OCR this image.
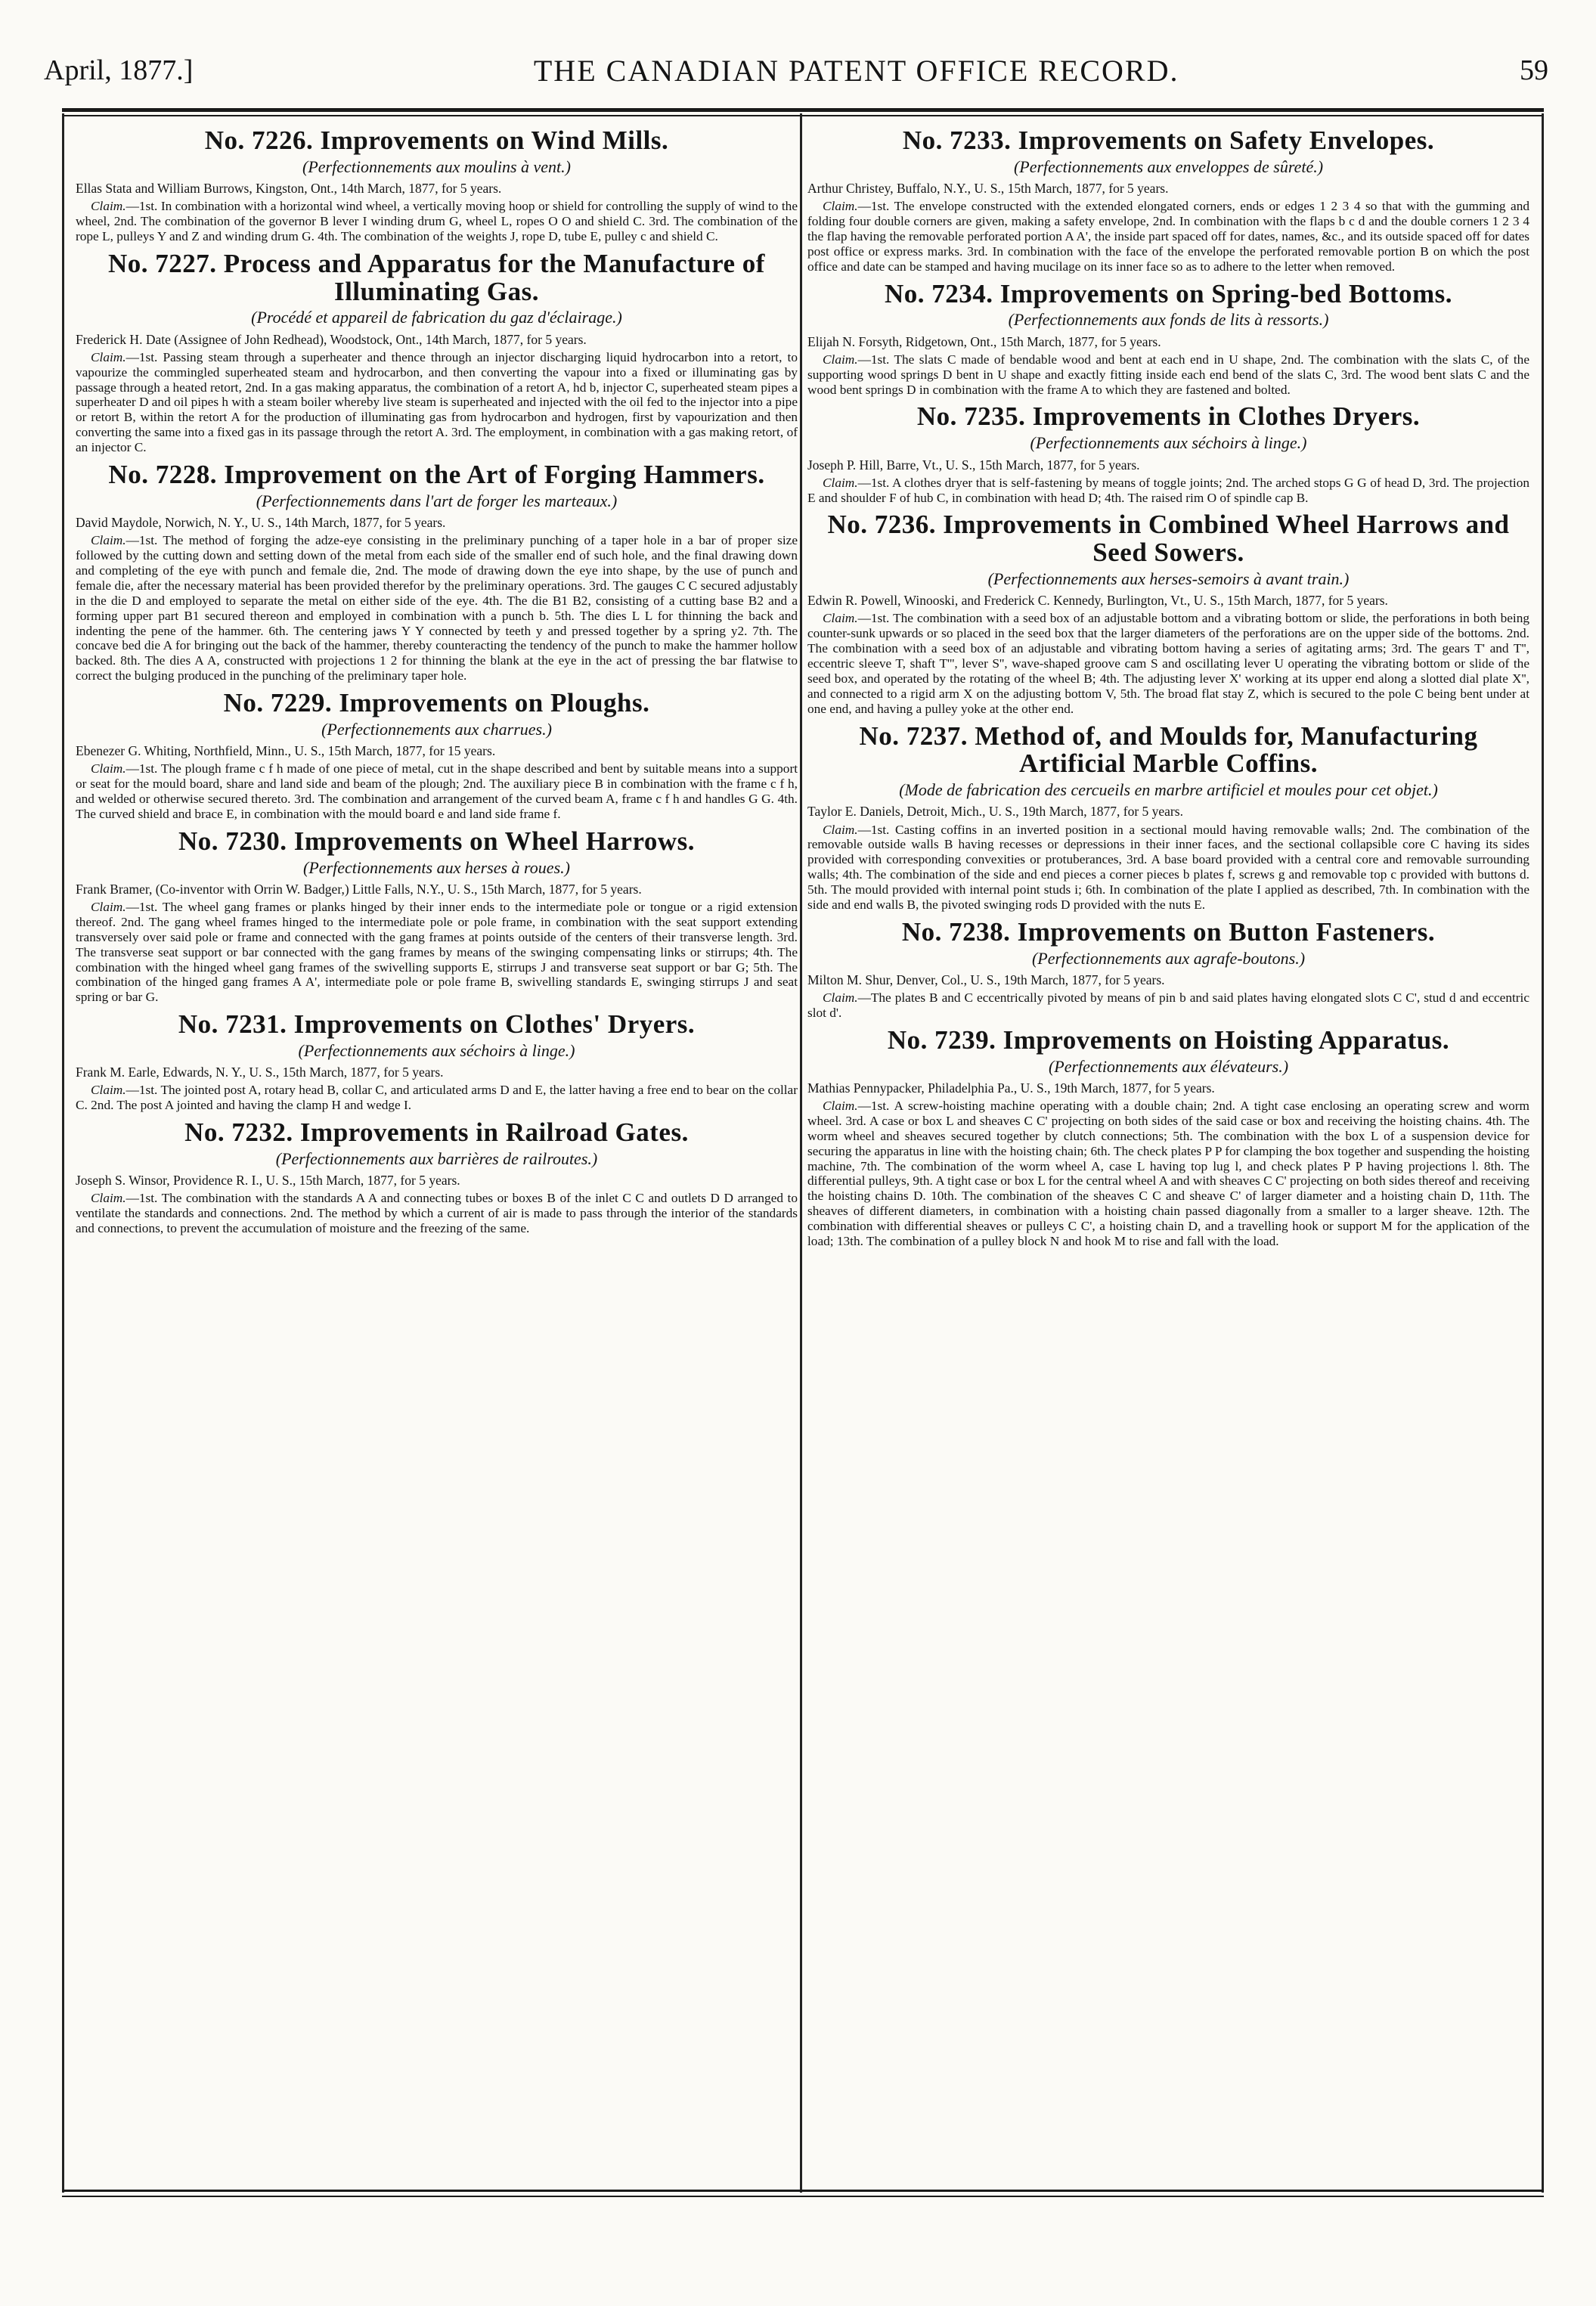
April, 1877.]	THE CANADIAN PATENT OFFICE RECORD.	59
No. 7226. Improvements on Wind Mills.
(Perfectionnements aux moulins à vent.)
Ellas Stata and William Burrows, Kingston, Ont., 14th March, 1877, for 5 years.

Claim.—1st. In combination with a horizontal wind wheel, a vertically moving hoop or shield for controlling the supply of wind to the wheel, 2nd. The combination of the governor B lever I winding drum G, wheel L, ropes O O and shield C. 3rd. The combination of the rope L, pulleys Y and Z and winding drum G. 4th. The combination of the weights J, rope D, tube E, pulley c and shield C.

No. 7227. Process and Apparatus for the Manufacture of Illuminating Gas.
(Procédé et appareil de fabrication du gaz d'éclairage.)
Frederick H. Date (Assignee of John Redhead), Woodstock, Ont., 14th March, 1877, for 5 years.

Claim.—1st. Passing steam through a superheater and thence through an injector discharging liquid hydrocarbon into a retort, to vapourize the commingled superheated steam and hydrocarbon, and then converting the vapour into a fixed or illuminating gas by passage through a heated retort, 2nd. In a gas making apparatus, the combination of a retort A, hd b, injector C, superheated steam pipes a superheater D and oil pipes h with a steam boiler whereby live steam is superheated and injected with the oil fed to the injector into a pipe or retort B, within the retort A for the production of illuminating gas from hydrocarbon and hydrogen, first by vapourization and then converting the same into a fixed gas in its passage through the retort A. 3rd. The employment, in combination with a gas making retort, of an injector C.

No. 7228. Improvement on the Art of Forging Hammers.
(Perfectionnements dans l'art de forger les marteaux.)
David Maydole, Norwich, N. Y., U. S., 14th March, 1877, for 5 years.

Claim.—1st. The method of forging the adze-eye consisting in the preliminary punching of a taper hole in a bar of proper size followed by the cutting down and setting down of the metal from each side of the smaller end of such hole, and the final drawing down and completing of the eye with punch and female die, 2nd. The mode of drawing down the eye into shape, by the use of punch and female die, after the necessary material has been provided therefor by the preliminary operations. 3rd. The gauges C C secured adjustably in the die D and employed to separate the metal on either side of the eye. 4th. The die B1 B2, consisting of a cutting base B2 and a forming upper part B1 secured thereon and employed in combination with a punch b. 5th. The dies L L for thinning the back and indenting the pene of the hammer. 6th. The centering jaws Y Y connected by teeth y and pressed together by a spring y2. 7th. The concave bed die A for bringing out the back of the hammer, thereby counteracting the tendency of the punch to make the hammer hollow backed. 8th. The dies A A, constructed with projections 1 2 for thinning the blank at the eye in the act of pressing the bar flatwise to correct the bulging produced in the punching of the preliminary taper hole.

No. 7229. Improvements on Ploughs.
(Perfectionnements aux charrues.)
Ebenezer G. Whiting, Northfield, Minn., U. S., 15th March, 1877, for 15 years.

Claim.—1st. The plough frame c f h made of one piece of metal, cut in the shape described and bent by suitable means into a support or seat for the mould board, share and land side and beam of the plough; 2nd. The auxiliary piece B in combination with the frame c f h, and welded or otherwise secured thereto. 3rd. The combination and arrangement of the curved beam A, frame c f h and handles G G. 4th. The curved shield and brace E, in combination with the mould board e and land side frame f.

No. 7230. Improvements on Wheel Harrows.
(Perfectionnements aux herses à roues.)
Frank Bramer, (Co-inventor with Orrin W. Badger,) Little Falls, N.Y., U. S., 15th March, 1877, for 5 years.

Claim.—1st. The wheel gang frames or planks hinged by their inner ends to the intermediate pole or tongue or a rigid extension thereof. 2nd. The gang wheel frames hinged to the intermediate pole or pole frame, in combination with the seat support extending transversely over said pole or frame and connected with the gang frames at points outside of the centers of their transverse length. 3rd. The transverse seat support or bar connected with the gang frames by means of the swinging compensating links or stirrups; 4th. The combination with the hinged wheel gang frames of the swivelling supports E, stirrups J and transverse seat support or bar G; 5th. The combination of the hinged gang frames A A', intermediate pole or pole frame B, swivelling standards E, swinging stirrups J and seat spring or bar G.

No. 7231. Improvements on Clothes' Dryers.
(Perfectionnements aux séchoirs à linge.)
Frank M. Earle, Edwards, N. Y., U. S., 15th March, 1877, for 5 years.

Claim.—1st. The jointed post A, rotary head B, collar C, and articulated arms D and E, the latter having a free end to bear on the collar C. 2nd. The post A jointed and having the clamp H and wedge I.

No. 7232. Improvements in Railroad Gates.
(Perfectionnements aux barrières de railroutes.)
Joseph S. Winsor, Providence R. I., U. S., 15th March, 1877, for 5 years.

Claim.—1st. The combination with the standards A A and connecting tubes or boxes B of the inlet C C and outlets D D arranged to ventilate the standards and connections. 2nd. The method by which a current of air is made to pass through the interior of the standards and connections, to prevent the accumulation of moisture and the freezing of the same.

No. 7233. Improvements on Safety Envelopes.
(Perfectionnements aux enveloppes de sûreté.)
Arthur Christey, Buffalo, N.Y., U. S., 15th March, 1877, for 5 years.

Claim.—1st. The envelope constructed with the extended elongated corners, ends or edges 1 2 3 4 so that with the gumming and folding four double corners are given, making a safety envelope, 2nd. In combination with the flaps b c d and the double corners 1 2 3 4 the flap having the removable perforated portion A A', the inside part spaced off for dates, names, &c., and its outside spaced off for dates post office or express marks. 3rd. In combination with the face of the envelope the perforated removable portion B on which the post office and date can be stamped and having mucilage on its inner face so as to adhere to the letter when removed.

No. 7234. Improvements on Spring-bed Bottoms.
(Perfectionnements aux fonds de lits à ressorts.)
Elijah N. Forsyth, Ridgetown, Ont., 15th March, 1877, for 5 years.

Claim.—1st. The slats C made of bendable wood and bent at each end in U shape, 2nd. The combination with the slats C, of the supporting wood springs D bent in U shape and exactly fitting inside each end bend of the slats C, 3rd. The wood bent slats C and the wood bent springs D in combination with the frame A to which they are fastened and bolted.

No. 7235. Improvements in Clothes Dryers.
(Perfectionnements aux séchoirs à linge.)
Joseph P. Hill, Barre, Vt., U. S., 15th March, 1877, for 5 years.

Claim.—1st. A clothes dryer that is self-fastening by means of toggle joints; 2nd. The arched stops G G of head D, 3rd. The projection E and shoulder F of hub C, in combination with head D; 4th. The raised rim O of spindle cap B.

No. 7236. Improvements in Combined Wheel Harrows and Seed Sowers.
(Perfectionnements aux herses-semoirs à avant train.)
Edwin R. Powell, Winooski, and Frederick C. Kennedy, Burlington, Vt., U. S., 15th March, 1877, for 5 years.

Claim.—1st. The combination with a seed box of an adjustable bottom and a vibrating bottom or slide, the perforations in both being counter-sunk upwards or so placed in the seed box that the larger diameters of the perforations are on the upper side of the bottoms. 2nd. The combination with a seed box of an adjustable and vibrating bottom having a series of agitating arms; 3rd. The gears T' and T'', eccentric sleeve T, shaft T''', lever S'', wave-shaped groove cam S and oscillating lever U operating the vibrating bottom or slide of the seed box, and operated by the rotating of the wheel B; 4th. The adjusting lever X' working at its upper end along a slotted dial plate X'', and connected to a rigid arm X on the adjusting bottom V, 5th. The broad flat stay Z, which is secured to the pole C being bent under at one end, and having a pulley yoke at the other end.

No. 7237. Method of, and Moulds for, Manufacturing Artificial Marble Coffins.
(Mode de fabrication des cercueils en marbre artificiel et moules pour cet objet.)
Taylor E. Daniels, Detroit, Mich., U. S., 19th March, 1877, for 5 years.

Claim.—1st. Casting coffins in an inverted position in a sectional mould having removable walls; 2nd. The combination of the removable outside walls B having recesses or depressions in their inner faces, and the sectional collapsible core C having its sides provided with corresponding convexities or protuberances, 3rd. A base board provided with a central core and removable surrounding walls; 4th. The combination of the side and end pieces a corner pieces b plates f, screws g and removable top c provided with buttons d. 5th. The mould provided with internal point studs i; 6th. In combination of the plate I applied as described, 7th. In combination with the side and end walls B, the pivoted swinging rods D provided with the nuts E.

No. 7238. Improvements on Button Fasteners.
(Perfectionnements aux agrafe-boutons.)
Milton M. Shur, Denver, Col., U. S., 19th March, 1877, for 5 years.

Claim.—The plates B and C eccentrically pivoted by means of pin b and said plates having elongated slots C C', stud d and eccentric slot d'.

No. 7239. Improvements on Hoisting Apparatus.
(Perfectionnements aux élévateurs.)
Mathias Pennypacker, Philadelphia Pa., U. S., 19th March, 1877, for 5 years.

Claim.—1st. A screw-hoisting machine operating with a double chain; 2nd. A tight case enclosing an operating screw and worm wheel. 3rd. A case or box L and sheaves C C' projecting on both sides of the said case or box and receiving the hoisting chains. 4th. The worm wheel and sheaves secured together by clutch connections; 5th. The combination with the box L of a suspension device for securing the apparatus in line with the hoisting chain; 6th. The check plates P P for clamping the box together and suspending the hoisting machine, 7th. The combination of the worm wheel A, case L having top lug l, and check plates P P having projections l. 8th. The differential pulleys, 9th. A tight case or box L for the central wheel A and with sheaves C C' projecting on both sides thereof and receiving the hoisting chains D. 10th. The combination of the sheaves C C and sheave C' of larger diameter and a hoisting chain D, 11th. The sheaves of different diameters, in combination with a hoisting chain passed diagonally from a smaller to a larger sheave. 12th. The combination with differential sheaves or pulleys C C', a hoisting chain D, and a travelling hook or support M for the application of the load; 13th. The combination of a pulley block N and hook M to rise and fall with the load.
